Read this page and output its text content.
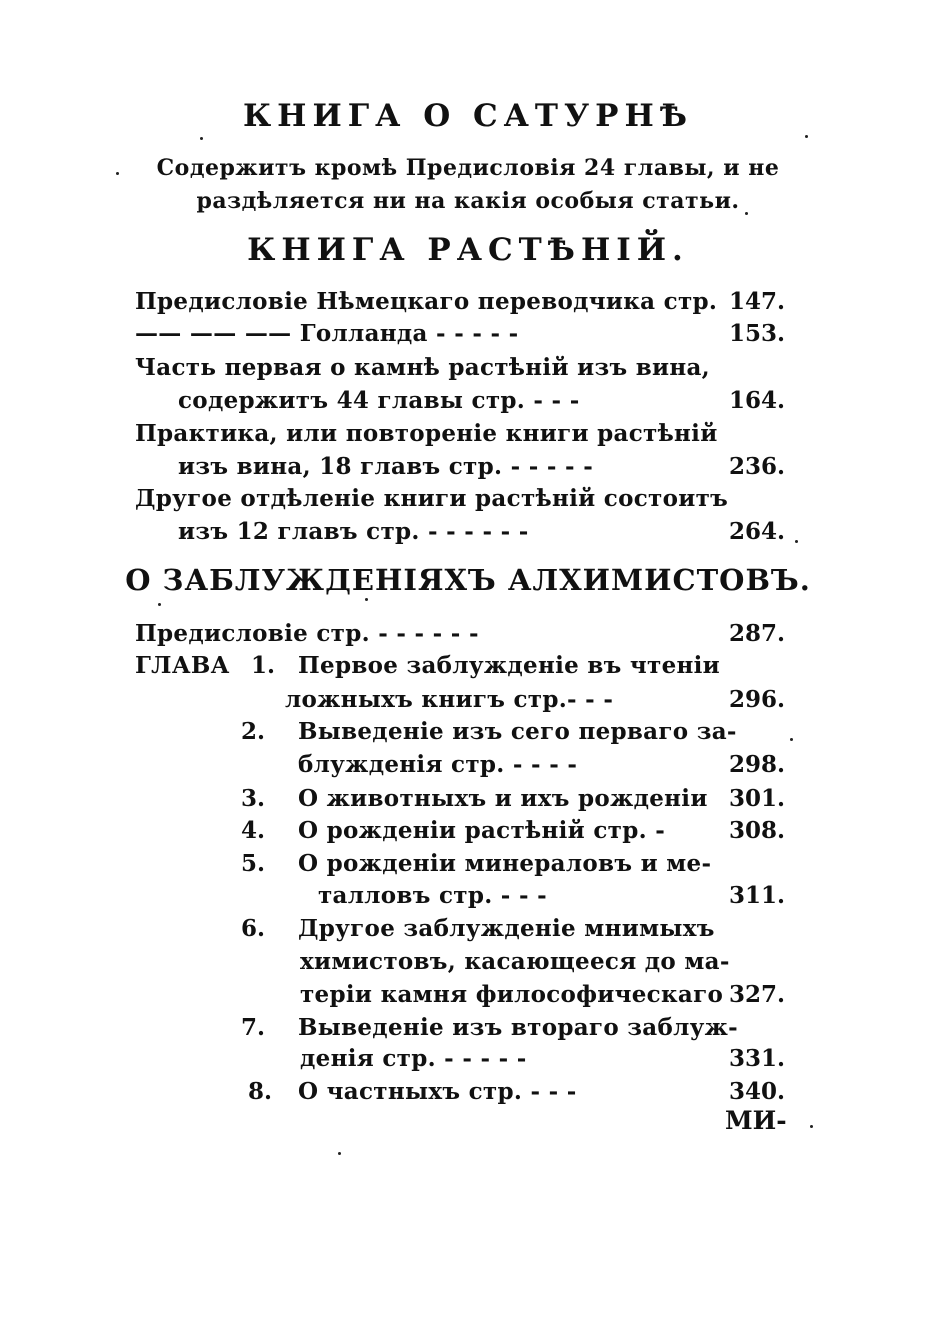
КНИГА О САТУРНѢ
Содержитъ кромѣ Предисловія 24 главы, и не
раздѣляется ни на какія особыя статьи.
КНИГА РАСТѢНІЙ.
Предисловіе Нѣмецкаго переводчика стр. 147.
—— —— —— Голланда - - - - -	153.
Часть первая о камнѣ растѣній изъ вина,
содержитъ 44 главы стр. - - -	164.
Практика, или повтореніе книги растѣній
изъ вина, 18 главъ стр. - - - - -	236.
Другое отдѣленіе книги растѣній состоитъ
изъ 12 главъ стр. - - - - - -	264.
О ЗАБЛУЖДЕНІЯХЪ АЛХИМИСТОВЪ.
Предисловіе стр. - - - - - -	287.
ГЛАВА 1. Первое заблужденіе въ чтеніи
ложныхъ книгъ стр.- - -	296.
2. Выведеніе изъ сего перваго за-
блужденія стр. - - - -	298.
3. О животныхъ и ихъ рожденіи 301.
4. О рожденіи растѣній стр. -	308.
5. О рожденіи минераловъ и ме-
талловъ стр. - - -	311.
6. Другое заблужденіе мнимыхъ
химистовъ, касающееся до ма-
теріи камня философическаго 327.
7. Выведеніе изъ втораго заблуж-
денія стр. - - - - -	331.
8. О частныхъ стр. - - -	340.
МИ-
